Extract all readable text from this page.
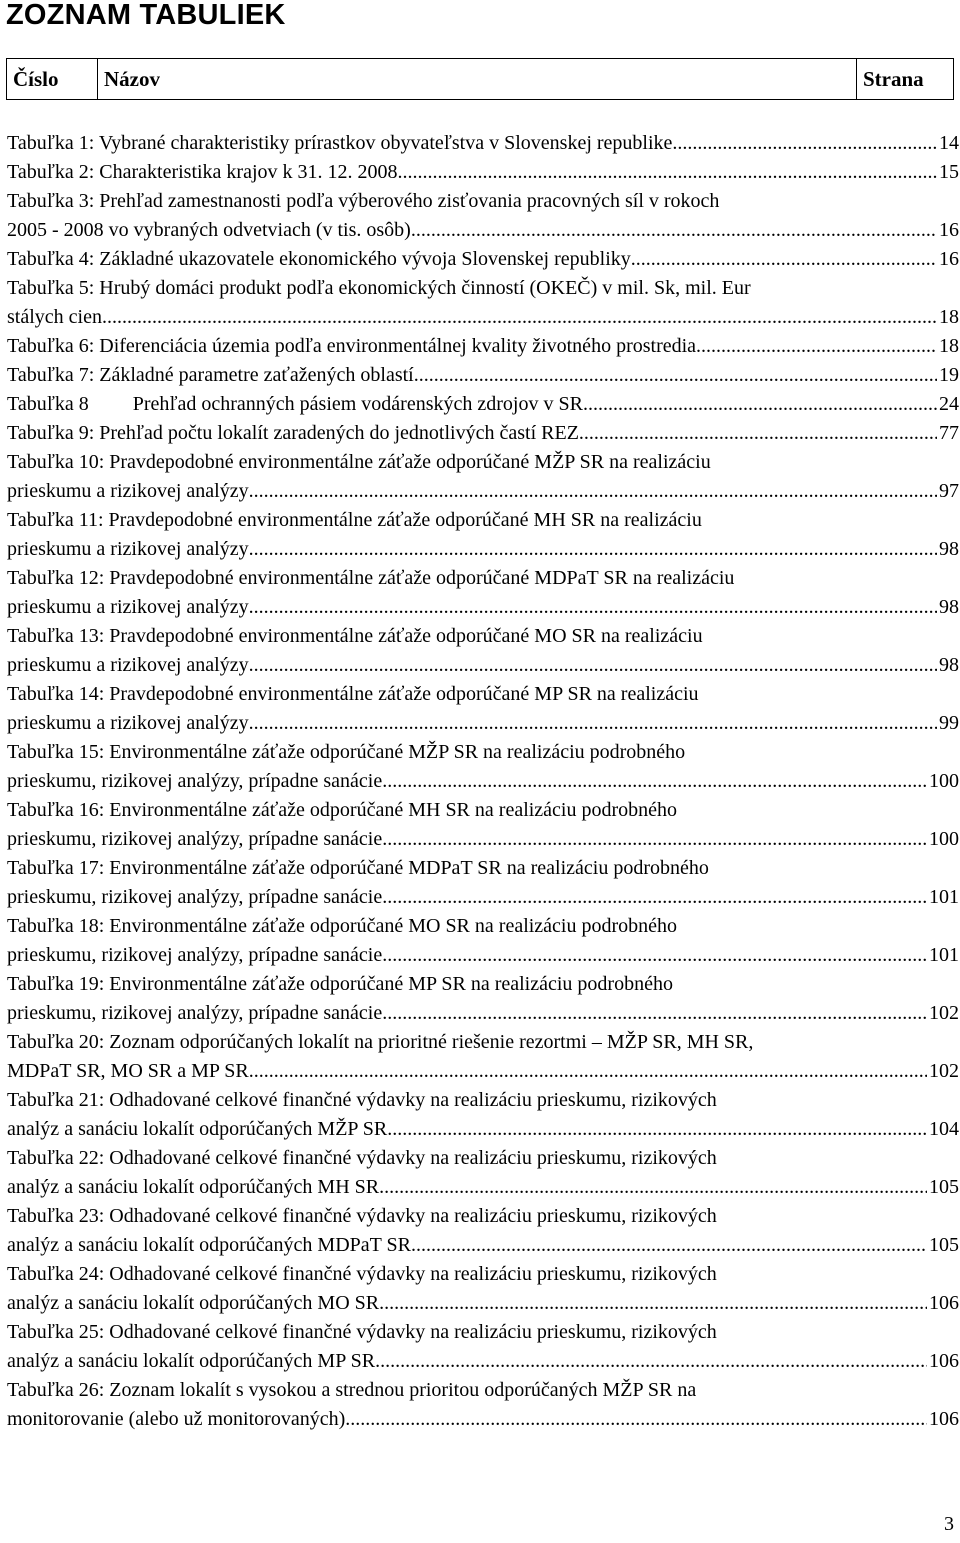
ZOZNAM TABULIEK
Číslo	Názov	Strana
Tabuľka 1: Vybrané charakteristiky prírastkov obyvateľstva v Slovenskej republike .....	14
Tabuľka 2: Charakteristika krajov k 31. 12. 2008 .....	15
Tabuľka 3: Prehľad zamestnanosti podľa výberového zisťovania pracovných síl v rokoch
2005 - 2008 vo vybraných odvetviach (v tis. osôb) .....	16
Tabuľka 4: Základné ukazovatele ekonomického vývoja Slovenskej republiky .....	16
Tabuľka 5: Hrubý domáci produkt podľa ekonomických činností (OKEČ) v mil. Sk, mil. Eur
stálych cien .....	18
Tabuľka 6: Diferenciácia územia podľa environmentálnej kvality životného prostredia .....	18
Tabuľka 7: Základné parametre zaťažených oblastí .....	19
Tabuľka 8 Prehľad ochranných pásiem vodárenských zdrojov v SR .....	24
Tabuľka 9: Prehľad počtu lokalít zaradených do jednotlivých častí REZ .....	77
Tabuľka 10: Pravdepodobné environmentálne záťaže odporúčané MŽP SR na realizáciu
prieskumu a rizikovej analýzy .....	97
Tabuľka 11: Pravdepodobné environmentálne záťaže odporúčané MH SR na realizáciu
prieskumu a rizikovej analýzy .....	98
Tabuľka 12: Pravdepodobné environmentálne záťaže odporúčané MDPaT SR na realizáciu
prieskumu a rizikovej analýzy .....	98
Tabuľka 13: Pravdepodobné environmentálne záťaže odporúčané MO SR na realizáciu
prieskumu a rizikovej analýzy .....	98
Tabuľka 14: Pravdepodobné environmentálne záťaže odporúčané MP SR na realizáciu
prieskumu a rizikovej analýzy .....	99
Tabuľka 15: Environmentálne záťaže odporúčané MŽP SR na realizáciu podrobného
prieskumu, rizikovej analýzy, prípadne sanácie .....	100
Tabuľka 16: Environmentálne záťaže odporúčané MH SR na realizáciu podrobného
prieskumu, rizikovej analýzy, prípadne sanácie .....	100
Tabuľka 17: Environmentálne záťaže odporúčané MDPaT SR na realizáciu podrobného
prieskumu, rizikovej analýzy, prípadne sanácie .....	101
Tabuľka 18: Environmentálne záťaže odporúčané MO SR na realizáciu podrobného
prieskumu, rizikovej analýzy, prípadne sanácie .....	101
Tabuľka 19: Environmentálne záťaže odporúčané MP SR na realizáciu podrobného
prieskumu, rizikovej analýzy, prípadne sanácie .....	102
Tabuľka 20: Zoznam odporúčaných lokalít na prioritné riešenie rezortmi – MŽP SR, MH SR,
MDPaT SR, MO SR a MP SR .....	102
Tabuľka 21: Odhadované celkové finančné výdavky na realizáciu prieskumu, rizikových
analýz a sanáciu lokalít odporúčaných MŽP SR .....	104
Tabuľka 22: Odhadované celkové finančné výdavky na realizáciu prieskumu, rizikových
analýz a sanáciu lokalít odporúčaných MH SR .....	105
Tabuľka 23: Odhadované celkové finančné výdavky na realizáciu prieskumu, rizikových
analýz a sanáciu lokalít odporúčaných MDPaT SR .....	105
Tabuľka 24: Odhadované celkové finančné výdavky na realizáciu prieskumu, rizikových
analýz a sanáciu lokalít odporúčaných MO SR .....	106
Tabuľka 25: Odhadované celkové finančné výdavky na realizáciu prieskumu, rizikových
analýz a sanáciu lokalít odporúčaných MP SR .....	106
Tabuľka 26: Zoznam lokalít s vysokou a strednou prioritou odporúčaných MŽP SR na
monitorovanie (alebo už monitorovaných) .....	106
3
